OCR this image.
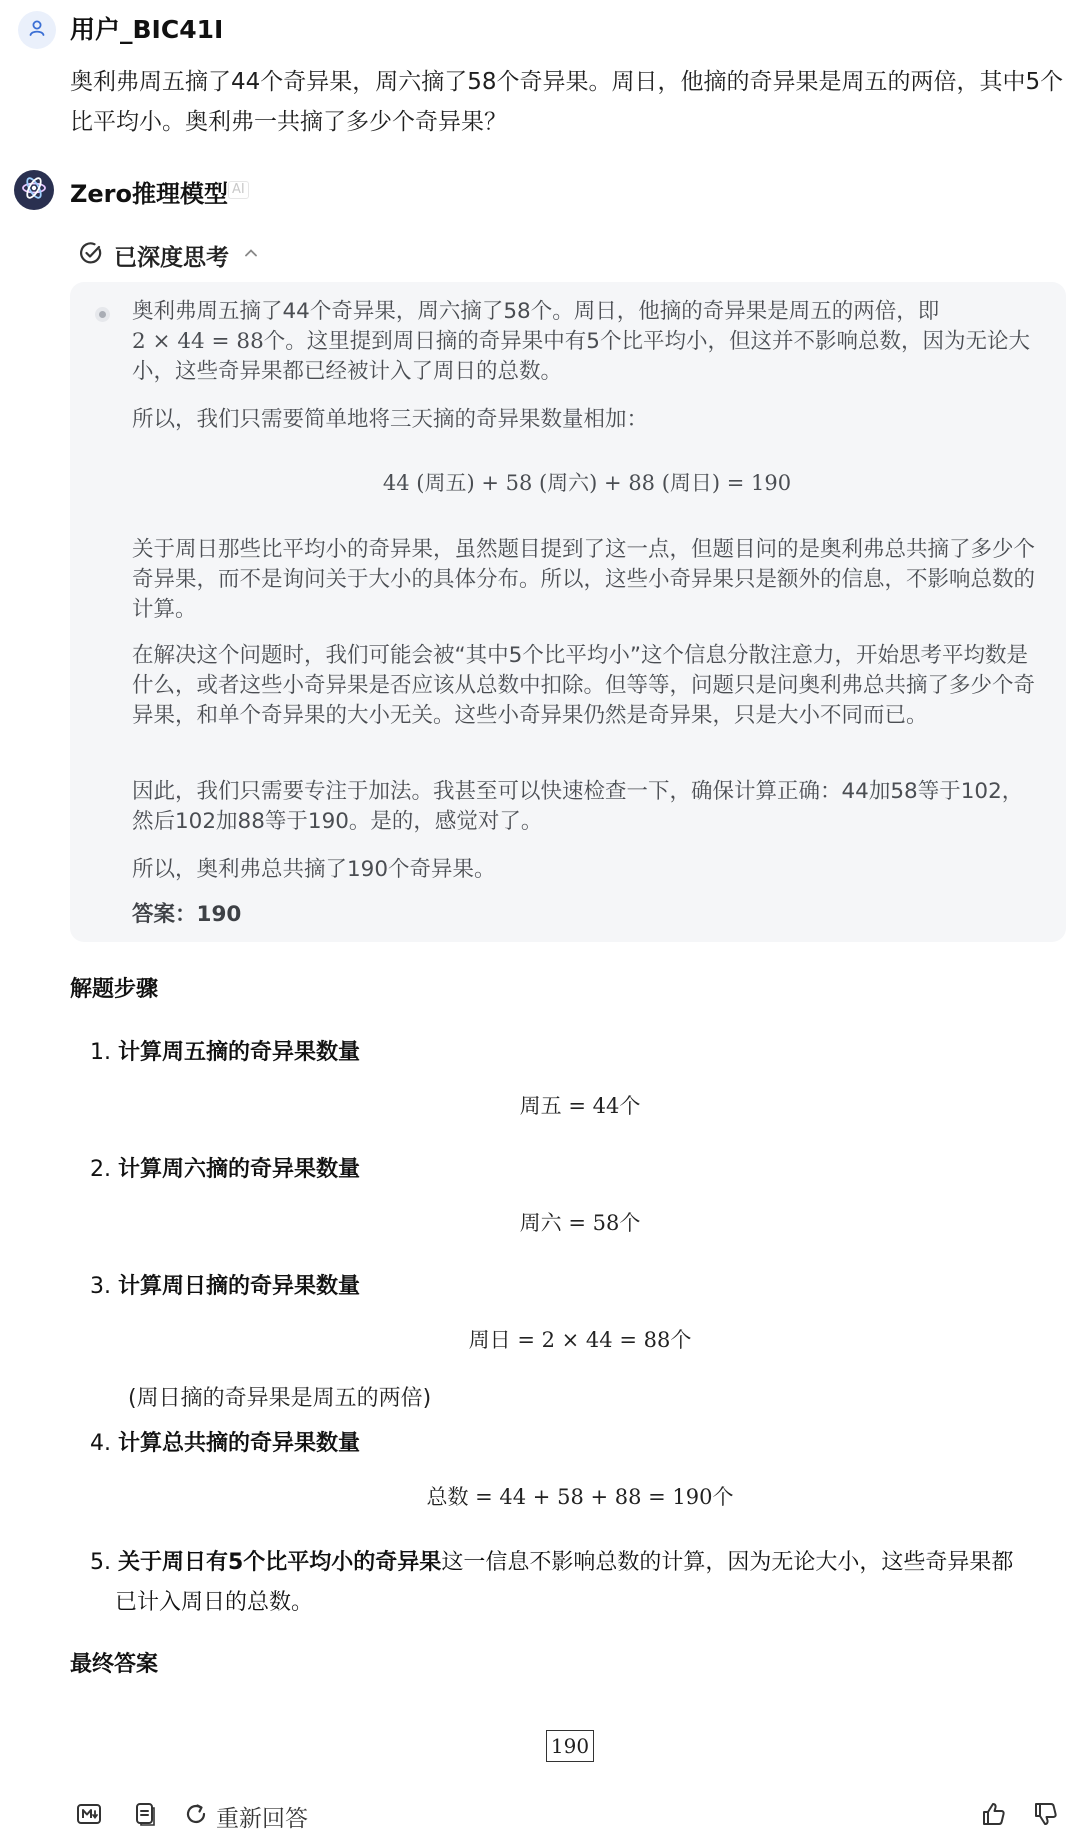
用户_BIC41I
奥利弗周五摘了44个奇异果，周六摘了58个奇异果。周日，他摘的奇异果是周五的两倍，其中5个比平均小。奥利弗一共摘了多少个奇异果？
Zero推理模型 AI
已深度思考
奥利弗周五摘了44个奇异果，周六摘了58个。周日，他摘的奇异果是周五的两倍，即
2 × 44 = 88个。这里提到周日摘的奇异果中有5个比平均小，但这并不影响总数，因为无论大小，这些奇异果都已经被计入了周日的总数。
所以，我们只需要简单地将三天摘的奇异果数量相加：
44 (周五) + 58 (周六) + 88 (周日) = 190
关于周日那些比平均小的奇异果，虽然题目提到了这一点，但题目问的是奥利弗总共摘了多少个奇异果，而不是询问关于大小的具体分布。所以，这些小奇异果只是额外的信息，不影响总数的计算。
在解决这个问题时，我们可能会被“其中5个比平均小”这个信息分散注意力，开始思考平均数是什么，或者这些小奇异果是否应该从总数中扣除。但等等，问题只是问奥利弗总共摘了多少个奇异果，和单个奇异果的大小无关。这些小奇异果仍然是奇异果，只是大小不同而已。
因此，我们只需要专注于加法。我甚至可以快速检查一下，确保计算正确：44加58等于102，然后102加88等于190。是的，感觉对了。
所以，奥利弗总共摘了190个奇异果。
答案：190
解题步骤
1. 计算周五摘的奇异果数量
周五 = 44个
2. 计算周六摘的奇异果数量
周六 = 58个
3. 计算周日摘的奇异果数量
周日 = 2 × 44 = 88个
(周日摘的奇异果是周五的两倍)
4. 计算总共摘的奇异果数量
总数 = 44 + 58 + 88 = 190个
5. 关于周日有5个比平均小的奇异果这一信息不影响总数的计算，因为无论大小，这些奇异果都
已计入周日的总数。
最终答案
190
重新回答
